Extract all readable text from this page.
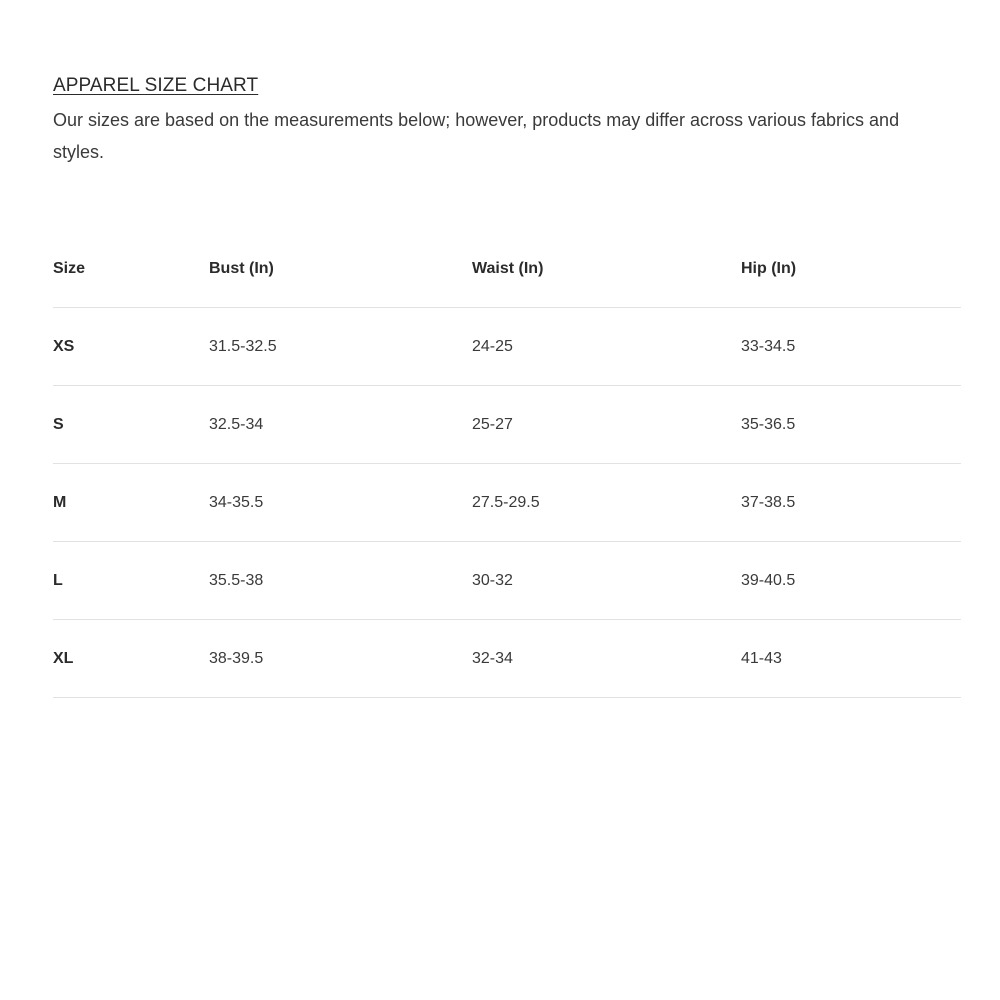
APPAREL SIZE CHART

Our sizes are based on the measurements below; however, products may differ across various fabrics and styles.

Size	Bust (In)	Waist (In)	Hip (In)
XS	31.5-32.5	24-25	33-34.5
S	32.5-34	25-27	35-36.5
M	34-35.5	27.5-29.5	37-38.5
L	35.5-38	30-32	39-40.5
XL	38-39.5	32-34	41-43
